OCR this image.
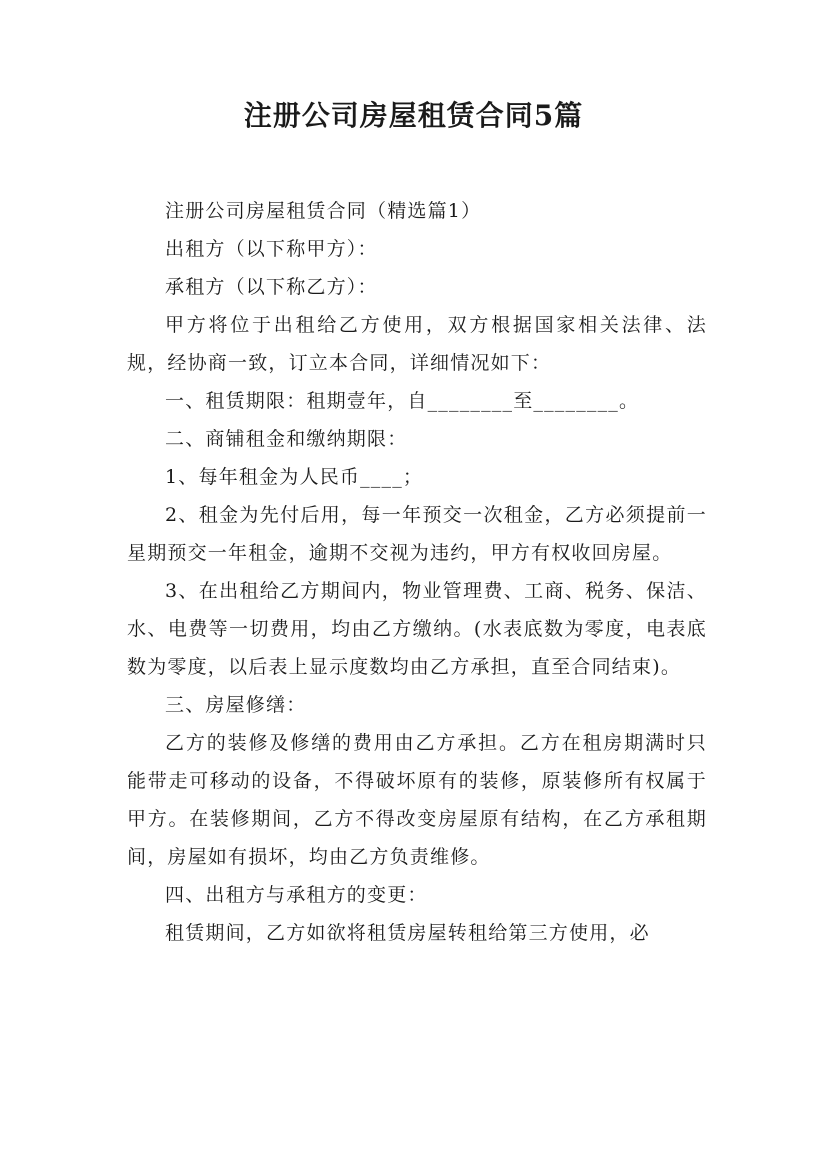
注册公司房屋租赁合同5篇

注册公司房屋租赁合同（精选篇1）

出租方（以下称甲方）：

承租方（以下称乙方）：

甲方将位于出租给乙方使用，双方根据国家相关法律、法规，经协商一致，订立本合同，详细情况如下：

一、租赁期限：租期壹年，自________至________。

二、商铺租金和缴纳期限：

1、每年租金为人民币____；

2、租金为先付后用，每一年预交一次租金，乙方必须提前一星期预交一年租金，逾期不交视为违约，甲方有权收回房屋。

3、在出租给乙方期间内，物业管理费、工商、税务、保洁、水、电费等一切费用，均由乙方缴纳。(水表底数为零度，电表底数为零度，以后表上显示度数均由乙方承担，直至合同结束)。

三、房屋修缮：

乙方的装修及修缮的费用由乙方承担。乙方在租房期满时只能带走可移动的设备，不得破坏原有的装修，原装修所有权属于甲方。在装修期间，乙方不得改变房屋原有结构，在乙方承租期间，房屋如有损坏，均由乙方负责维修。

四、出租方与承租方的变更：

租赁期间，乙方如欲将租赁房屋转租给第三方使用，必
